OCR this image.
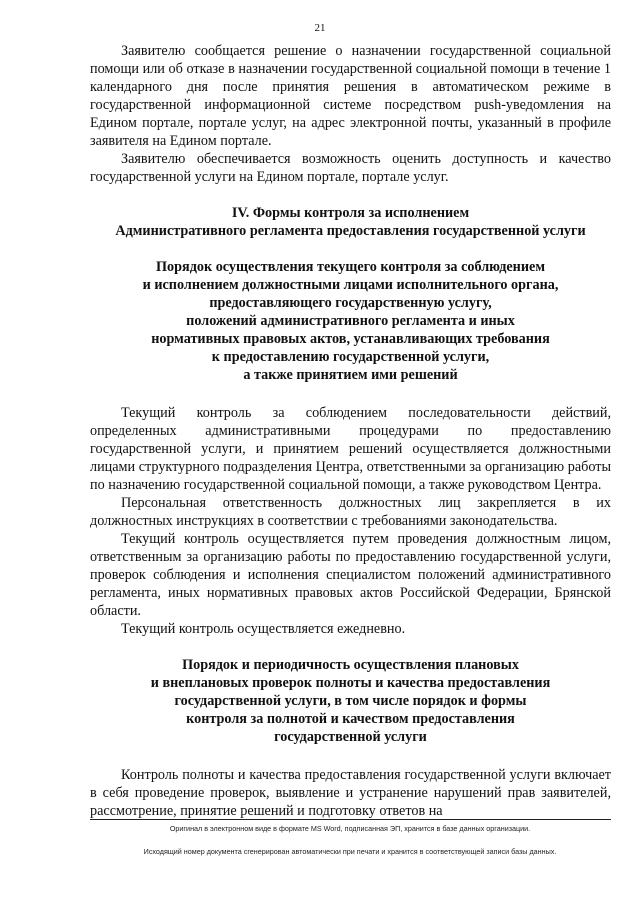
21

Заявителю сообщается решение о назначении государственной социальной помощи или об отказе в назначении государственной социальной помощи в течение 1 календарного дня после принятия решения в автоматическом режиме в государственной информационной системе посредством push-уведомления на Едином портале, портале услуг, на адрес электронной почты, указанный в профиле заявителя на Едином портале.

Заявителю обеспечивается возможность оценить доступность и качество государственной услуги на Едином портале, портале услуг.

IV. Формы контроля за исполнением
Административного регламента предоставления государственной услуги
Порядок осуществления текущего контроля за соблюдением
и исполнением должностными лицами исполнительного органа,
предоставляющего государственную услугу,
положений административного регламента и иных
нормативных правовых актов, устанавливающих требования
к предоставлению государственной услуги,
а также принятием ими решений

Текущий контроль за соблюдением последовательности действий, определенных административными процедурами по предоставлению государственной услуги, и принятием решений осуществляется должностными лицами структурного подразделения Центра, ответственными за организацию работы по назначению государственной социальной помощи, а также руководством Центра.

Персональная ответственность должностных лиц закрепляется в их должностных инструкциях в соответствии с требованиями законодательства.

Текущий контроль осуществляется путем проведения должностным лицом, ответственным за организацию работы по предоставлению государственной услуги, проверок соблюдения и исполнения специалистом положений административного регламента, иных нормативных правовых актов Российской Федерации, Брянской области.

Текущий контроль осуществляется ежедневно.

Порядок и периодичность осуществления плановых
и внеплановых проверок полноты и качества предоставления
государственной услуги, в том числе порядок и формы
контроля за полнотой и качеством предоставления
государственной услуги

Контроль полноты и качества предоставления государственной услуги включает в себя проведение проверок, выявление и устранение нарушений прав заявителей, рассмотрение, принятие решений и подготовку ответов на

Оригинал в электронном виде в формате MS Word, подписанная ЭП, хранится в базе данных организации.
Исходящий номер документа сгенерирован автоматически при печати и хранится в соответствующей записи базы данных.
